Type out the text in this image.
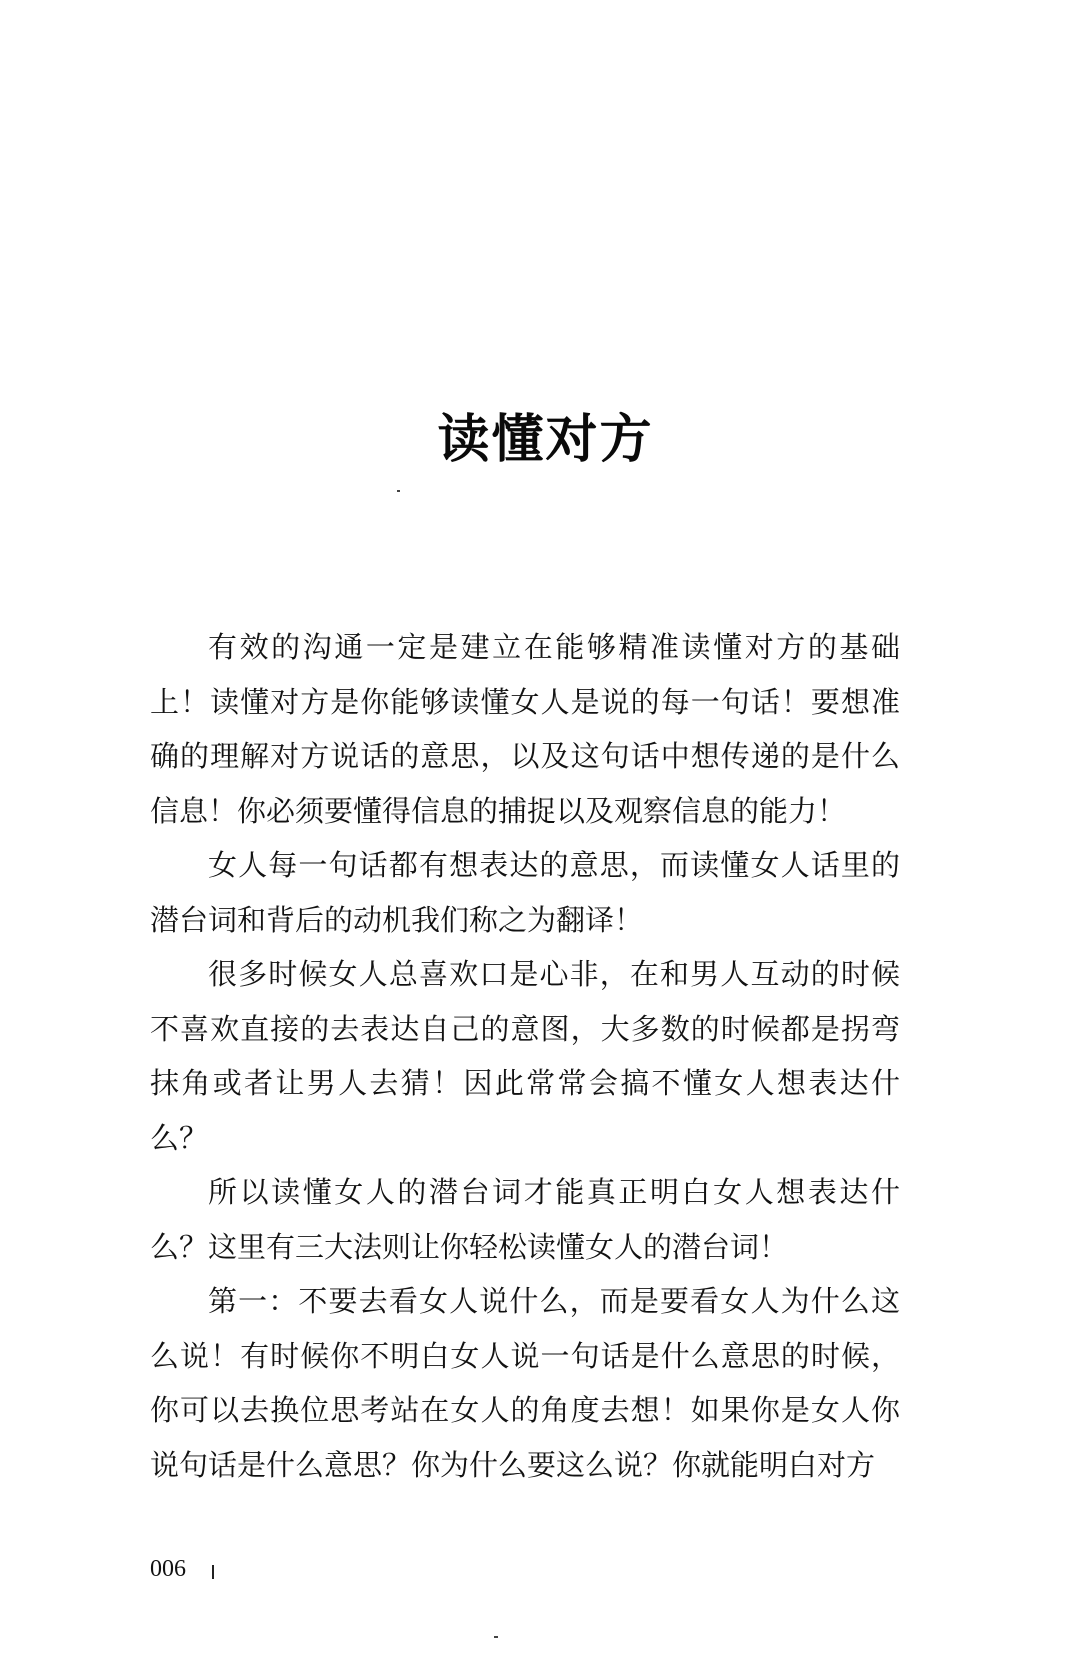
读懂对方

有效的沟通一定是建立在能够精准读懂对方的基础上！读懂对方是你能够读懂女人是说的每一句话！要想准确的理解对方说话的意思，以及这句话中想传递的是什么信息！你必须要懂得信息的捕捉以及观察信息的能力！

女人每一句话都有想表达的意思，而读懂女人话里的潜台词和背后的动机我们称之为翻译！

很多时候女人总喜欢口是心非，在和男人互动的时候不喜欢直接的去表达自己的意图，大多数的时候都是拐弯抹角或者让男人去猜！因此常常会搞不懂女人想表达什么？

所以读懂女人的潜台词才能真正明白女人想表达什么？这里有三大法则让你轻松读懂女人的潜台词！

第一：不要去看女人说什么，而是要看女人为什么这么说！有时候你不明白女人说一句话是什么意思的时候，你可以去换位思考站在女人的角度去想！如果你是女人你说句话是什么意思？你为什么要这么说？你就能明白对方

006
